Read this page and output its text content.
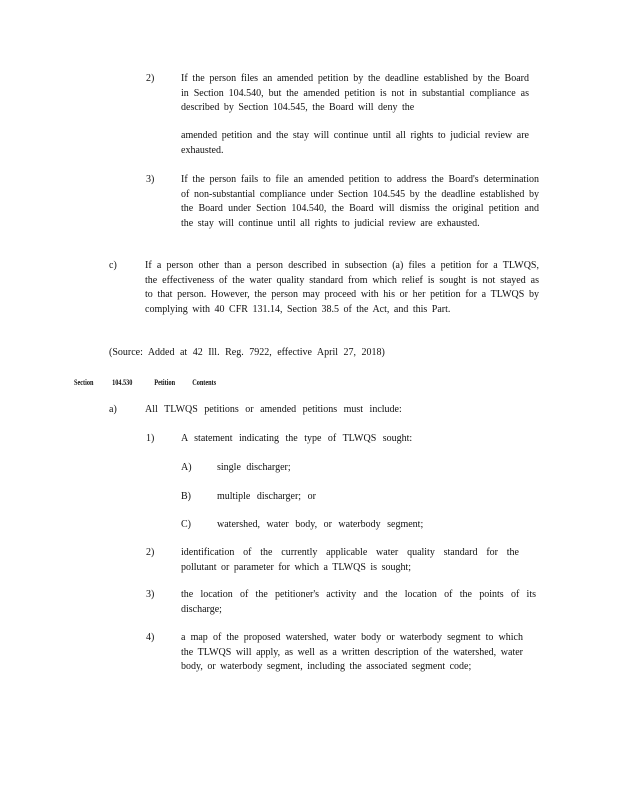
2)	If the person files an amended petition by the deadline established by the Board in Section 104.540, but the amended petition is not in substantial compliance as described by Section 104.545, the Board will deny the
amended petition and the stay will continue until all rights to judicial review are exhausted.
3)	If the person fails to file an amended petition to address the Board's determination of non-substantial compliance under Section 104.545 by the deadline established by the Board under Section 104.540, the Board will dismiss the original petition and the stay will continue until all rights to judicial review are exhausted.
c)	If a person other than a person described in subsection (a) files a petition for a TLWQS, the effectiveness of the water quality standard from which relief is sought is not stayed as to that person. However, the person may proceed with his or her petition for a TLWQS by complying with 40 CFR 131.14, Section 38.5 of the Act, and this Part.
(Source: Added at 42 Ill. Reg. 7922, effective April 27, 2018)
Section 104.530	Petition Contents
a)	All TLWQS petitions or amended petitions must include:
1)	A statement indicating the type of TLWQS sought:
A)	single discharger;
B)	multiple discharger; or
C)	watershed, water body, or waterbody segment;
2)	identification of the currently applicable water quality standard for the pollutant or parameter for which a TLWQS is sought;
3)	the location of the petitioner's activity and the location of the points of its discharge;
4)	a map of the proposed watershed, water body or waterbody segment to which the TLWQS will apply, as well as a written description of the watershed, water body, or waterbody segment, including the associated segment code;
